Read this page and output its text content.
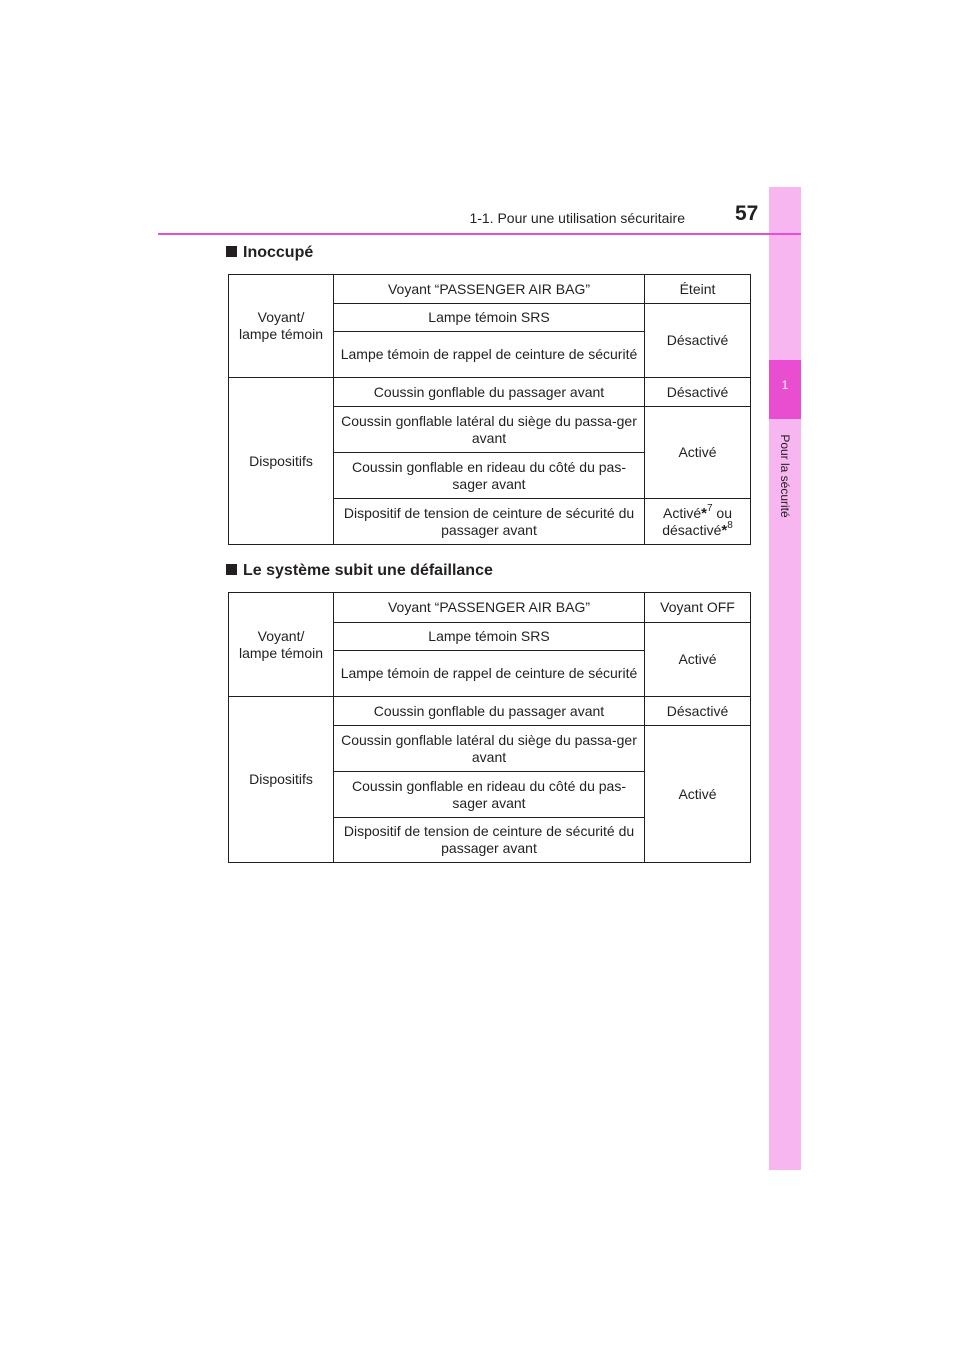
1
Pour la sécurité
1-1. Pour une utilisation sécuritaire 57
Inoccupé
Voyant/
lampe témoin	Voyant “PASSENGER AIR BAG”	Éteint
	Lampe témoin SRS	Désactivé
	Lampe témoin de rappel de ceinture de sécurité	
Dispositifs	Coussin gonflable du passager avant	Désactivé
	Coussin gonflable latéral du siège du passa-ger avant	Activé
	Coussin gonflable en rideau du côté du pas-sager avant	
	Dispositif de tension de ceinture de sécurité du passager avant	Activé*$^7$ ou
désactivé*$^8$
Le système subit une défaillance
Voyant/
lampe témoin	Voyant “PASSENGER AIR BAG”	Voyant OFF
	Lampe témoin SRS	Activé
	Lampe témoin de rappel de ceinture de sécurité	
Dispositifs	Coussin gonflable du passager avant	Désactivé
	Coussin gonflable latéral du siège du passa-ger avant	Activé
	Coussin gonflable en rideau du côté du pas-sager avant	
	Dispositif de tension de ceinture de sécurité du passager avant	
